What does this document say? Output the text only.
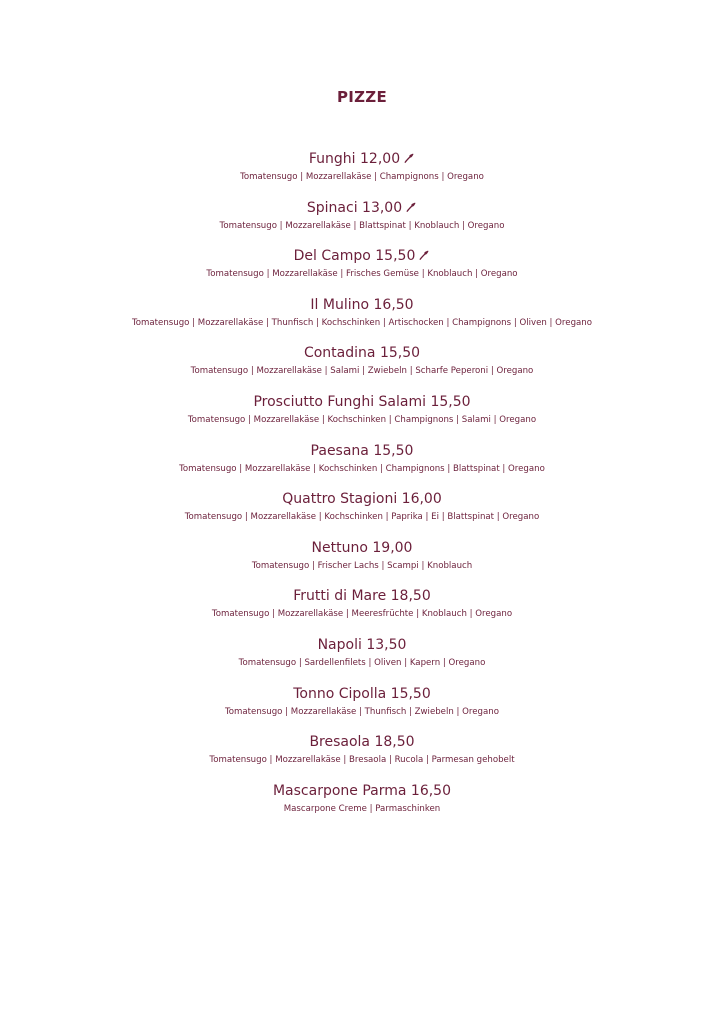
PIZZE
Funghi 12,00
Tomatensugo | Mozzarellakäse | Champignons | Oregano
Spinaci 13,00
Tomatensugo | Mozzarellakäse | Blattspinat | Knoblauch | Oregano
Del Campo 15,50
Tomatensugo | Mozzarellakäse | Frisches Gemüse | Knoblauch | Oregano
Il Mulino 16,50
Tomatensugo | Mozzarellakäse | Thunfisch | Kochschinken | Artischocken | Champignons | Oliven | Oregano
Contadina 15,50
Tomatensugo | Mozzarellakäse | Salami | Zwiebeln | Scharfe Peperoni | Oregano
Prosciutto Funghi Salami 15,50
Tomatensugo | Mozzarellakäse | Kochschinken | Champignons | Salami | Oregano
Paesana 15,50
Tomatensugo | Mozzarellakäse | Kochschinken | Champignons | Blattspinat | Oregano
Quattro Stagioni 16,00
Tomatensugo | Mozzarellakäse | Kochschinken | Paprika | Ei | Blattspinat | Oregano
Nettuno 19,00
Tomatensugo | Frischer Lachs | Scampi | Knoblauch
Frutti di Mare 18,50
Tomatensugo | Mozzarellakäse | Meeresfrüchte | Knoblauch | Oregano
Napoli 13,50
Tomatensugo | Sardellenfilets | Oliven | Kapern | Oregano
Tonno Cipolla 15,50
Tomatensugo | Mozzarellakäse | Thunfisch | Zwiebeln | Oregano
Bresaola 18,50
Tomatensugo | Mozzarellakäse | Bresaola | Rucola | Parmesan gehobelt
Mascarpone Parma 16,50
Mascarpone Creme | Parmaschinken
